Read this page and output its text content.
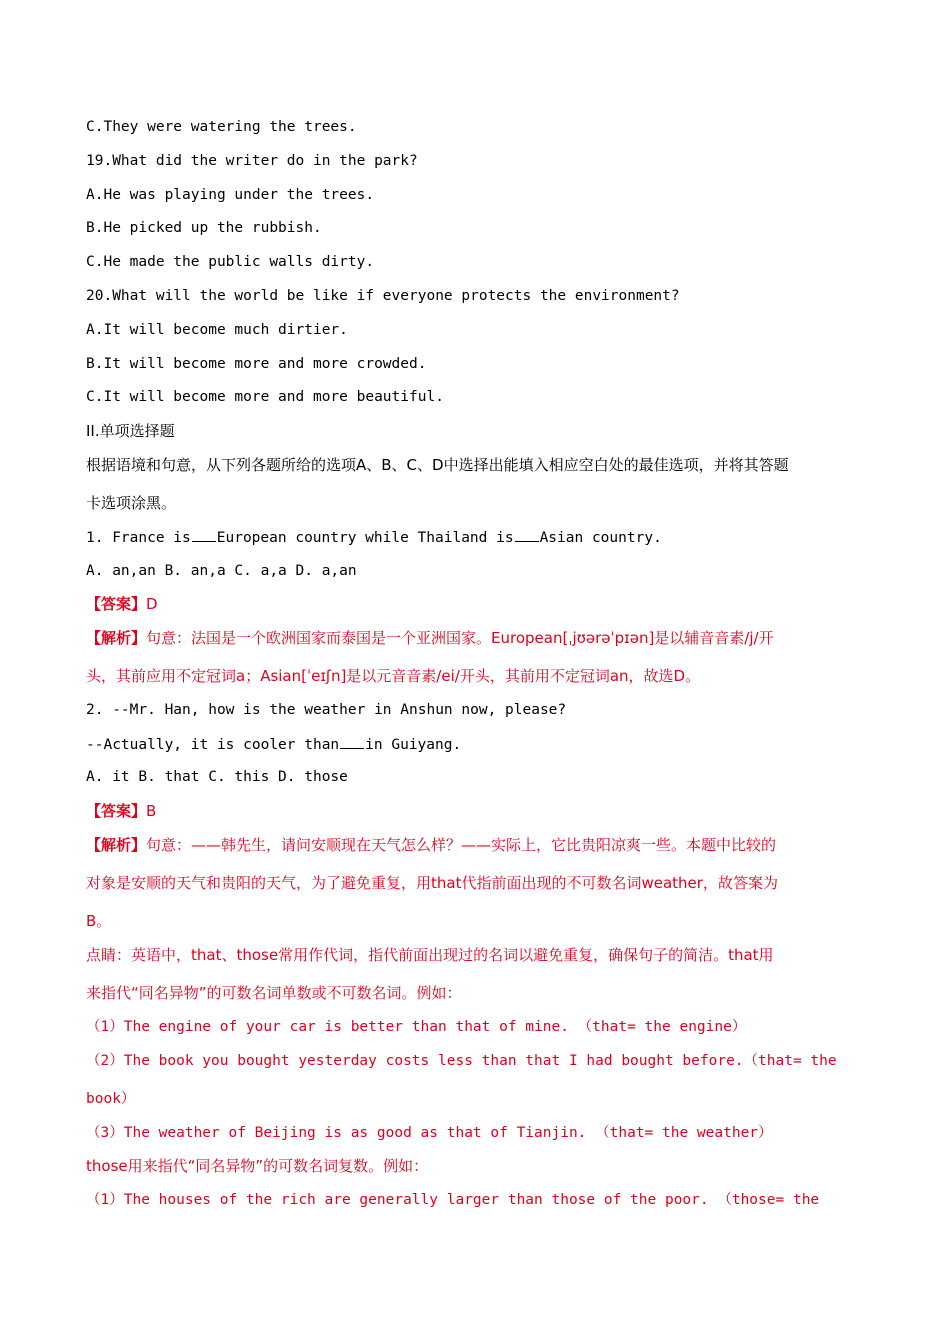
C.They were watering the trees.
19.What did the writer do in the park?
A.He was playing under the trees.
B.He picked up the rubbish.
C.He made the public walls dirty.
20.What will the world be like if everyone protects the environment?
A.It will become much dirtier.
B.It will become more and more crowded.
C.It will become more and more beautiful.
II.单项选择题
根据语境和句意，从下列各题所给的选项A、B、C、D中选择出能填入相应空白处的最佳选项，并将其答题
卡选项涂黑。
1. France is European country while Thailand is Asian country.
A. an,an B. an,a C. a,a D. a,an
【答案】D
【解析】句意：法国是一个欧洲国家而泰国是一个亚洲国家。European[ˌjʊərəˈpɪən]是以辅音音素/j/开
头，其前应用不定冠词a；Asian[ˈeɪʃn]是以元音音素/ei/开头，其前用不定冠词an，故选D。
2. --Mr. Han, how is the weather in Anshun now, please?
--Actually, it is cooler than in Guiyang.
A. it B. that C. this D. those
【答案】B
【解析】句意：——韩先生，请问安顺现在天气怎么样？——实际上，它比贵阳凉爽一些。本题中比较的
对象是安顺的天气和贵阳的天气，为了避免重复，用that代指前面出现的不可数名词weather，故答案为
B。
点睛：英语中，that、those常用作代词，指代前面出现过的名词以避免重复，确保句子的简洁。that用
来指代“同名异物”的可数名词单数或不可数名词。例如：
（1）The engine of your car is better than that of mine. （that= the engine）
（2）The book you bought yesterday costs less than that I had bought before.（that= the
book）
（3）The weather of Beijing is as good as that of Tianjin. （that= the weather）
those用来指代“同名异物”的可数名词复数。例如：
（1）The houses of the rich are generally larger than those of the poor. （those= the
